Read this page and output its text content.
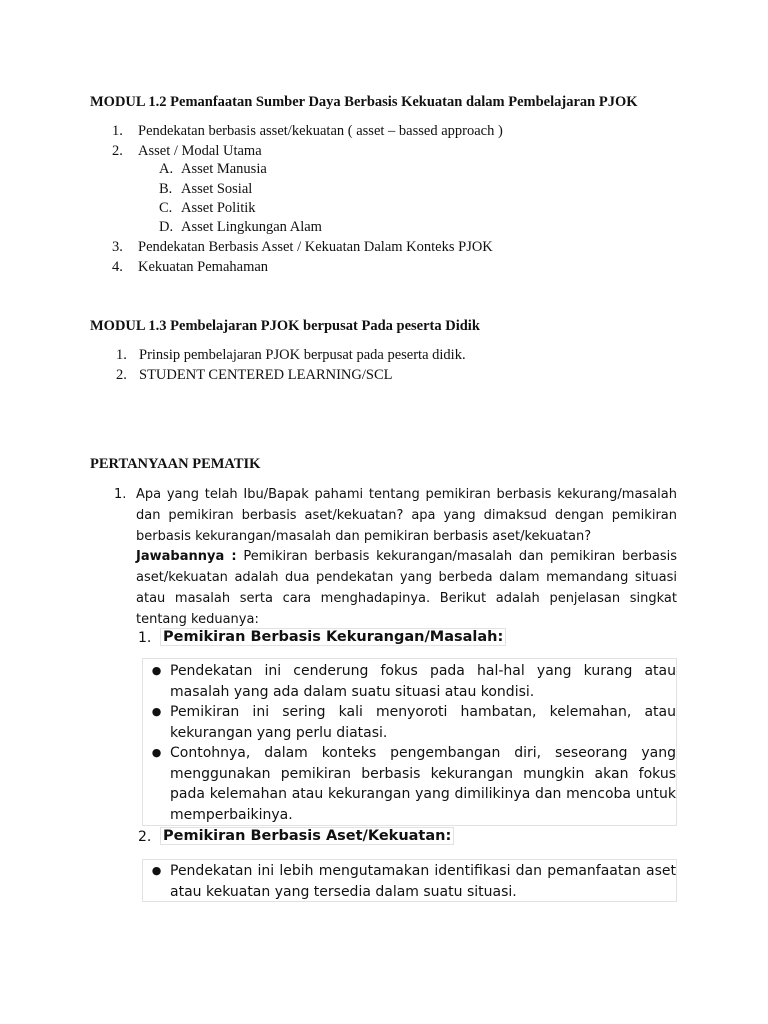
MODUL 1.2 Pemanfaatan Sumber Daya Berbasis Kekuatan dalam Pembelajaran PJOK
1. Pendekatan berbasis asset/kekuatan ( asset – bassed approach )
2. Asset / Modal Utama
A. Asset Manusia
B. Asset Sosial
C. Asset Politik
D. Asset Lingkungan Alam
3. Pendekatan Berbasis Asset / Kekuatan Dalam Konteks PJOK
4. Kekuatan Pemahaman
MODUL 1.3 Pembelajaran PJOK berpusat Pada peserta Didik
1. Prinsip pembelajaran PJOK berpusat pada peserta didik.
2. STUDENT CENTERED LEARNING/SCL
PERTANYAAN PEMATIK
1. Apa yang telah Ibu/Bapak pahami tentang pemikiran berbasis kekurang/masalah dan pemikiran berbasis aset/kekuatan? apa yang dimaksud dengan pemikiran berbasis kekurangan/masalah dan pemikiran berbasis aset/kekuatan?
Jawabannya : Pemikiran berbasis kekurangan/masalah dan pemikiran berbasis aset/kekuatan adalah dua pendekatan yang berbeda dalam memandang situasi atau masalah serta cara menghadapinya. Berikut adalah penjelasan singkat tentang keduanya:
1. Pemikiran Berbasis Kekurangan/Masalah:
● Pendekatan ini cenderung fokus pada hal-hal yang kurang atau masalah yang ada dalam suatu situasi atau kondisi.
● Pemikiran ini sering kali menyoroti hambatan, kelemahan, atau kekurangan yang perlu diatasi.
● Contohnya, dalam konteks pengembangan diri, seseorang yang menggunakan pemikiran berbasis kekurangan mungkin akan fokus pada kelemahan atau kekurangan yang dimilikinya dan mencoba untuk memperbaikinya.
2. Pemikiran Berbasis Aset/Kekuatan:
● Pendekatan ini lebih mengutamakan identifikasi dan pemanfaatan aset atau kekuatan yang tersedia dalam suatu situasi.
